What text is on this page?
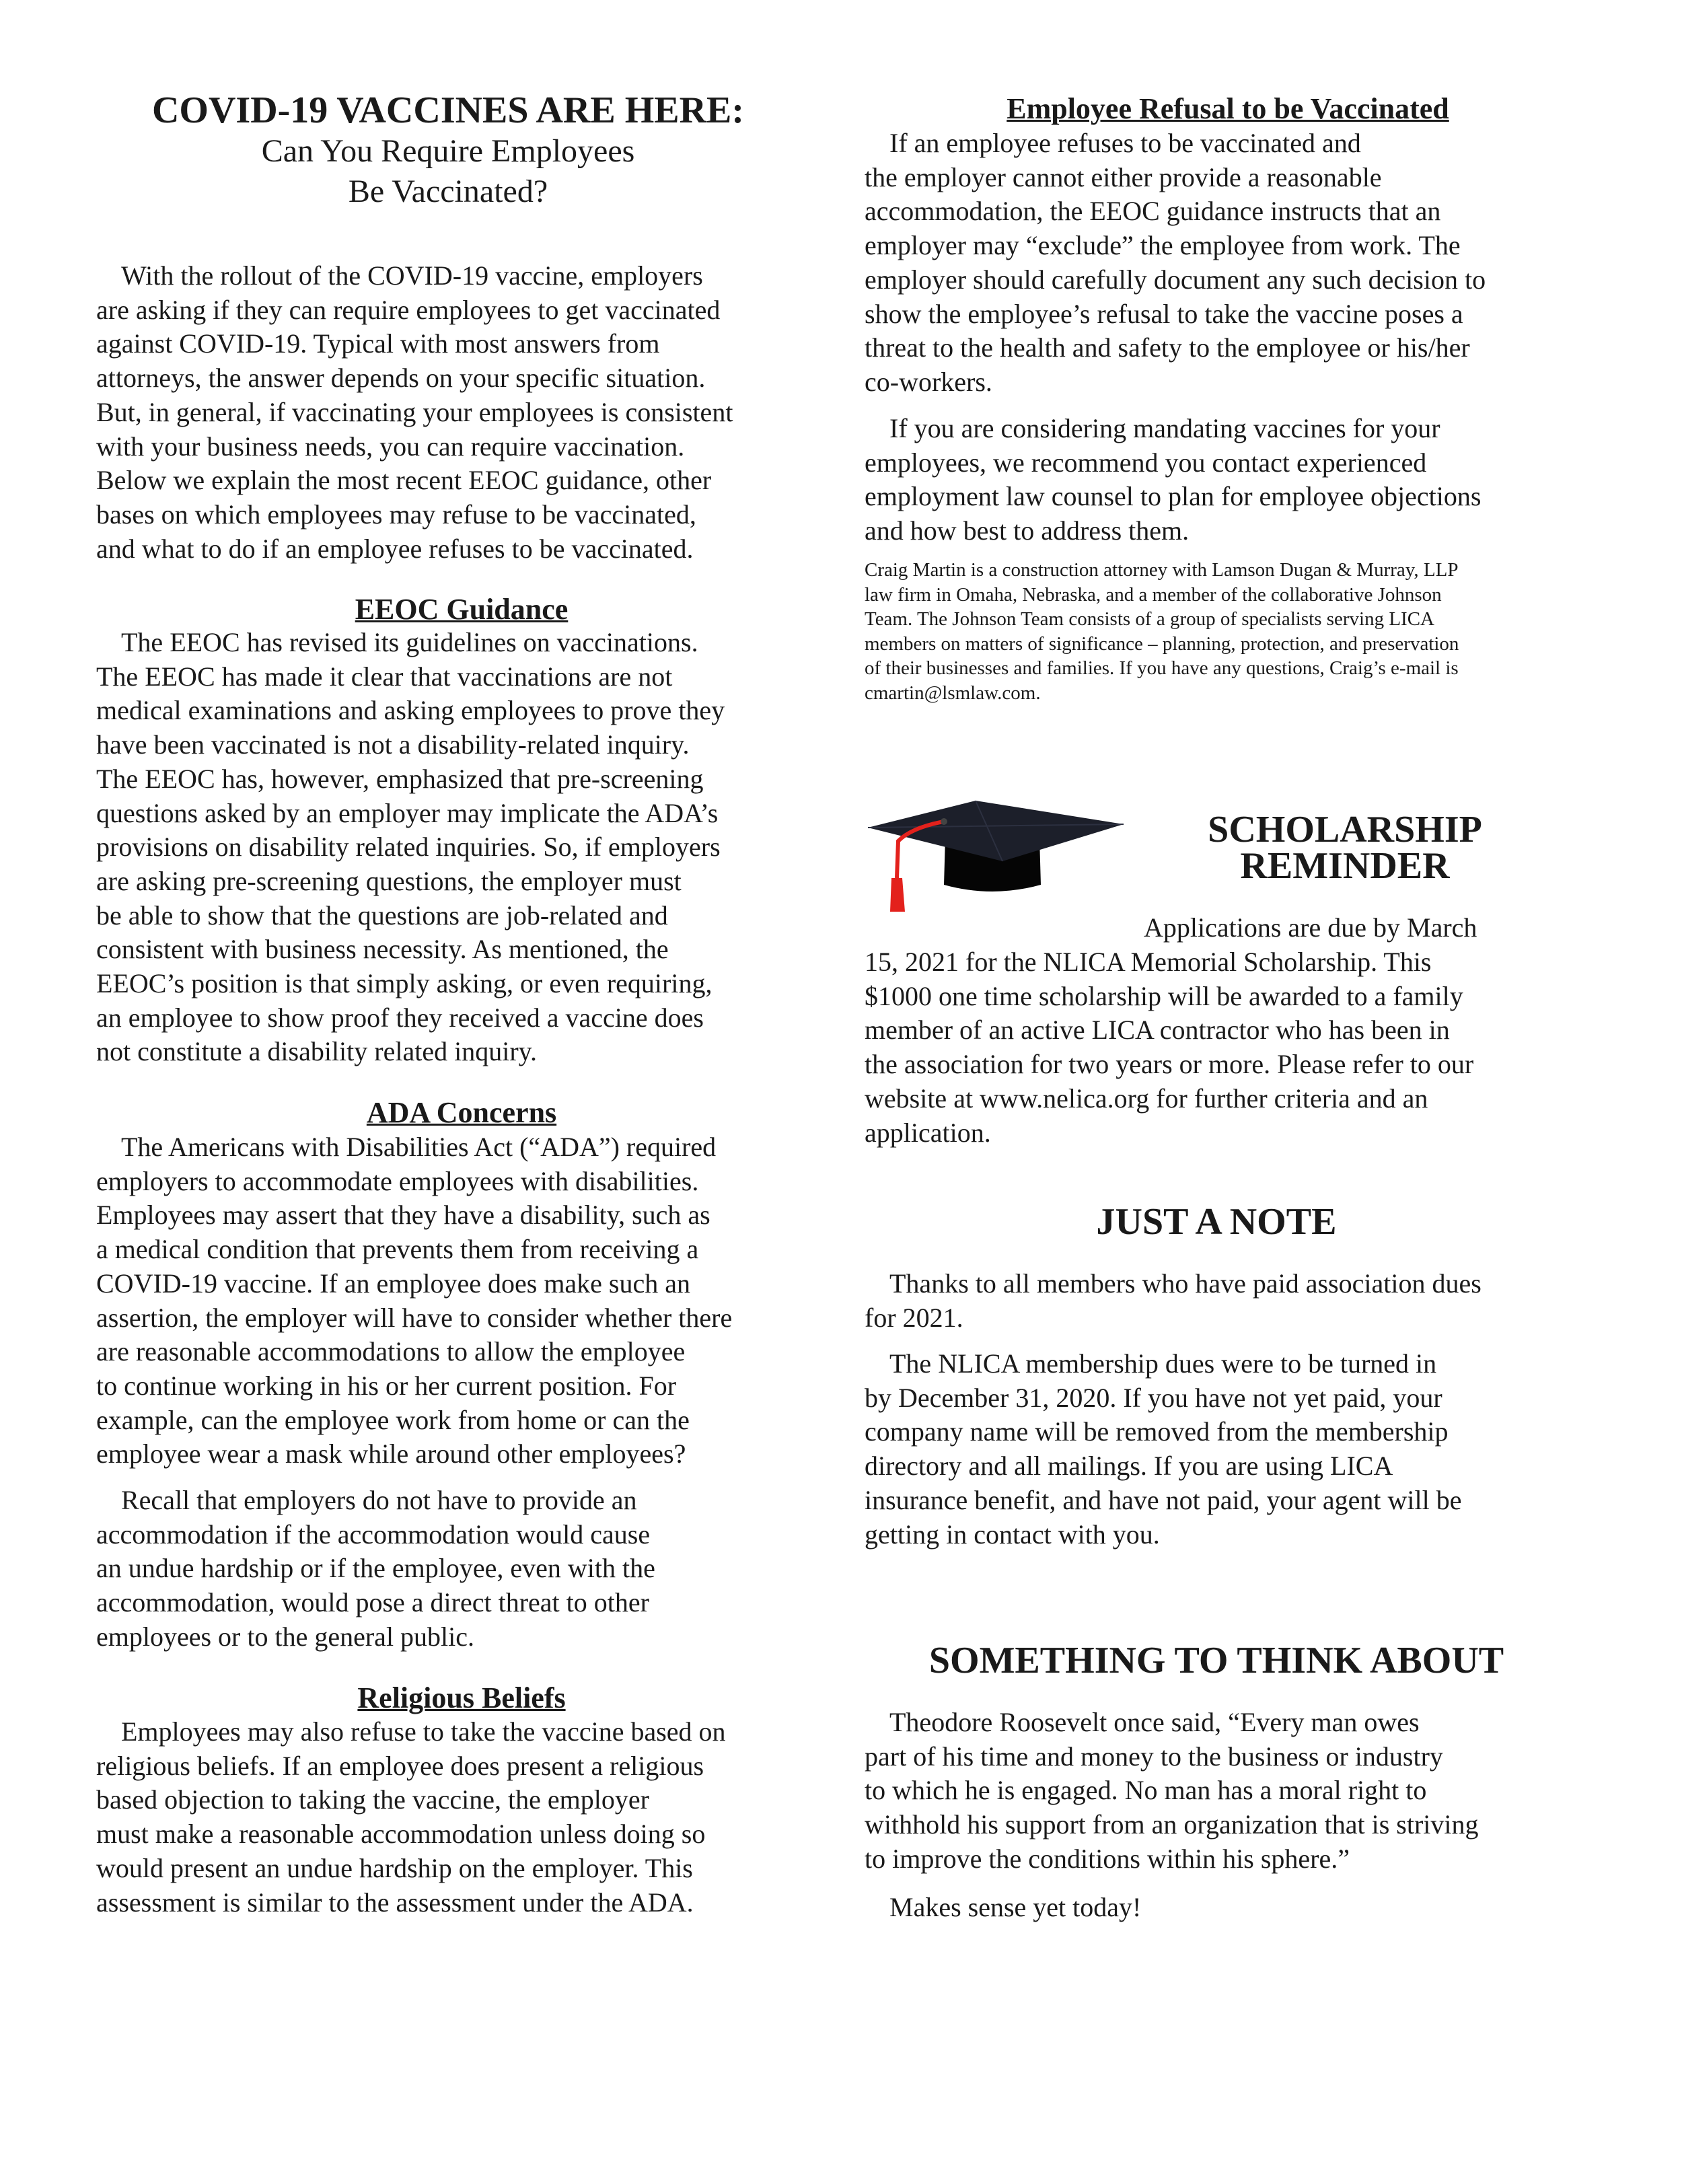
COVID-19 VACCINES ARE HERE:
Can You Require Employees
Be Vaccinated?
With the rollout of the COVID-19 vaccine, employers
are asking if they can require employees to get vaccinated
against COVID-19. Typical with most answers from
attorneys, the answer depends on your specific situation.
But, in general, if vaccinating your employees is consistent
with your business needs, you can require vaccination.
Below we explain the most recent EEOC guidance, other
bases on which employees may refuse to be vaccinated,
and what to do if an employee refuses to be vaccinated.
EEOC Guidance
The EEOC has revised its guidelines on vaccinations.
The EEOC has made it clear that vaccinations are not
medical examinations and asking employees to prove they
have been vaccinated is not a disability-related inquiry.
The EEOC has, however, emphasized that pre-screening
questions asked by an employer may implicate the ADA’s
provisions on disability related inquiries. So, if employers
are asking pre-screening questions, the employer must
be able to show that the questions are job-related and
consistent with business necessity. As mentioned, the
EEOC’s position is that simply asking, or even requiring,
an employee to show proof they received a vaccine does
not constitute a disability related inquiry.
ADA Concerns
The Americans with Disabilities Act (“ADA”) required
employers to accommodate employees with disabilities.
Employees may assert that they have a disability, such as
a medical condition that prevents them from receiving a
COVID-19 vaccine. If an employee does make such an
assertion, the employer will have to consider whether there
are reasonable accommodations to allow the employee
to continue working in his or her current position. For
example, can the employee work from home or can the
employee wear a mask while around other employees?
Recall that employers do not have to provide an
accommodation if the accommodation would cause
an undue hardship or if the employee, even with the
accommodation, would pose a direct threat to other
employees or to the general public.
Religious Beliefs
Employees may also refuse to take the vaccine based on
religious beliefs. If an employee does present a religious
based objection to taking the vaccine, the employer
must make a reasonable accommodation unless doing so
would present an undue hardship on the employer. This
assessment is similar to the assessment under the ADA.
Employee Refusal to be Vaccinated
If an employee refuses to be vaccinated and
the employer cannot either provide a reasonable
accommodation, the EEOC guidance instructs that an
employer may “exclude” the employee from work. The
employer should carefully document any such decision to
show the employee’s refusal to take the vaccine poses a
threat to the health and safety to the employee or his/her
co-workers.
If you are considering mandating vaccines for your
employees, we recommend you contact experienced
employment law counsel to plan for employee objections
and how best to address them.
Craig Martin is a construction attorney with Lamson Dugan & Murray, LLP
law firm in Omaha, Nebraska, and a member of the collaborative Johnson
Team. The Johnson Team consists of a group of specialists serving LICA
members on matters of significance – planning, protection, and preservation
of their businesses and families. If you have any questions, Craig’s e-mail is
cmartin@lsmlaw.com.
SCHOLARSHIP
REMINDER
Applications are due by March
15, 2021 for the NLICA Memorial Scholarship. This
$1000 one time scholarship will be awarded to a family
member of an active LICA contractor who has been in
the association for two years or more. Please refer to our
website at www.nelica.org for further criteria and an
application.
JUST A NOTE
Thanks to all members who have paid association dues
for 2021.
The NLICA membership dues were to be turned in
by December 31, 2020. If you have not yet paid, your
company name will be removed from the membership
directory and all mailings. If you are using LICA
insurance benefit, and have not paid, your agent will be
getting in contact with you.
SOMETHING TO THINK ABOUT
Theodore Roosevelt once said, “Every man owes
part of his time and money to the business or industry
to which he is engaged. No man has a moral right to
withhold his support from an organization that is striving
to improve the conditions within his sphere.”
Makes sense yet today!
